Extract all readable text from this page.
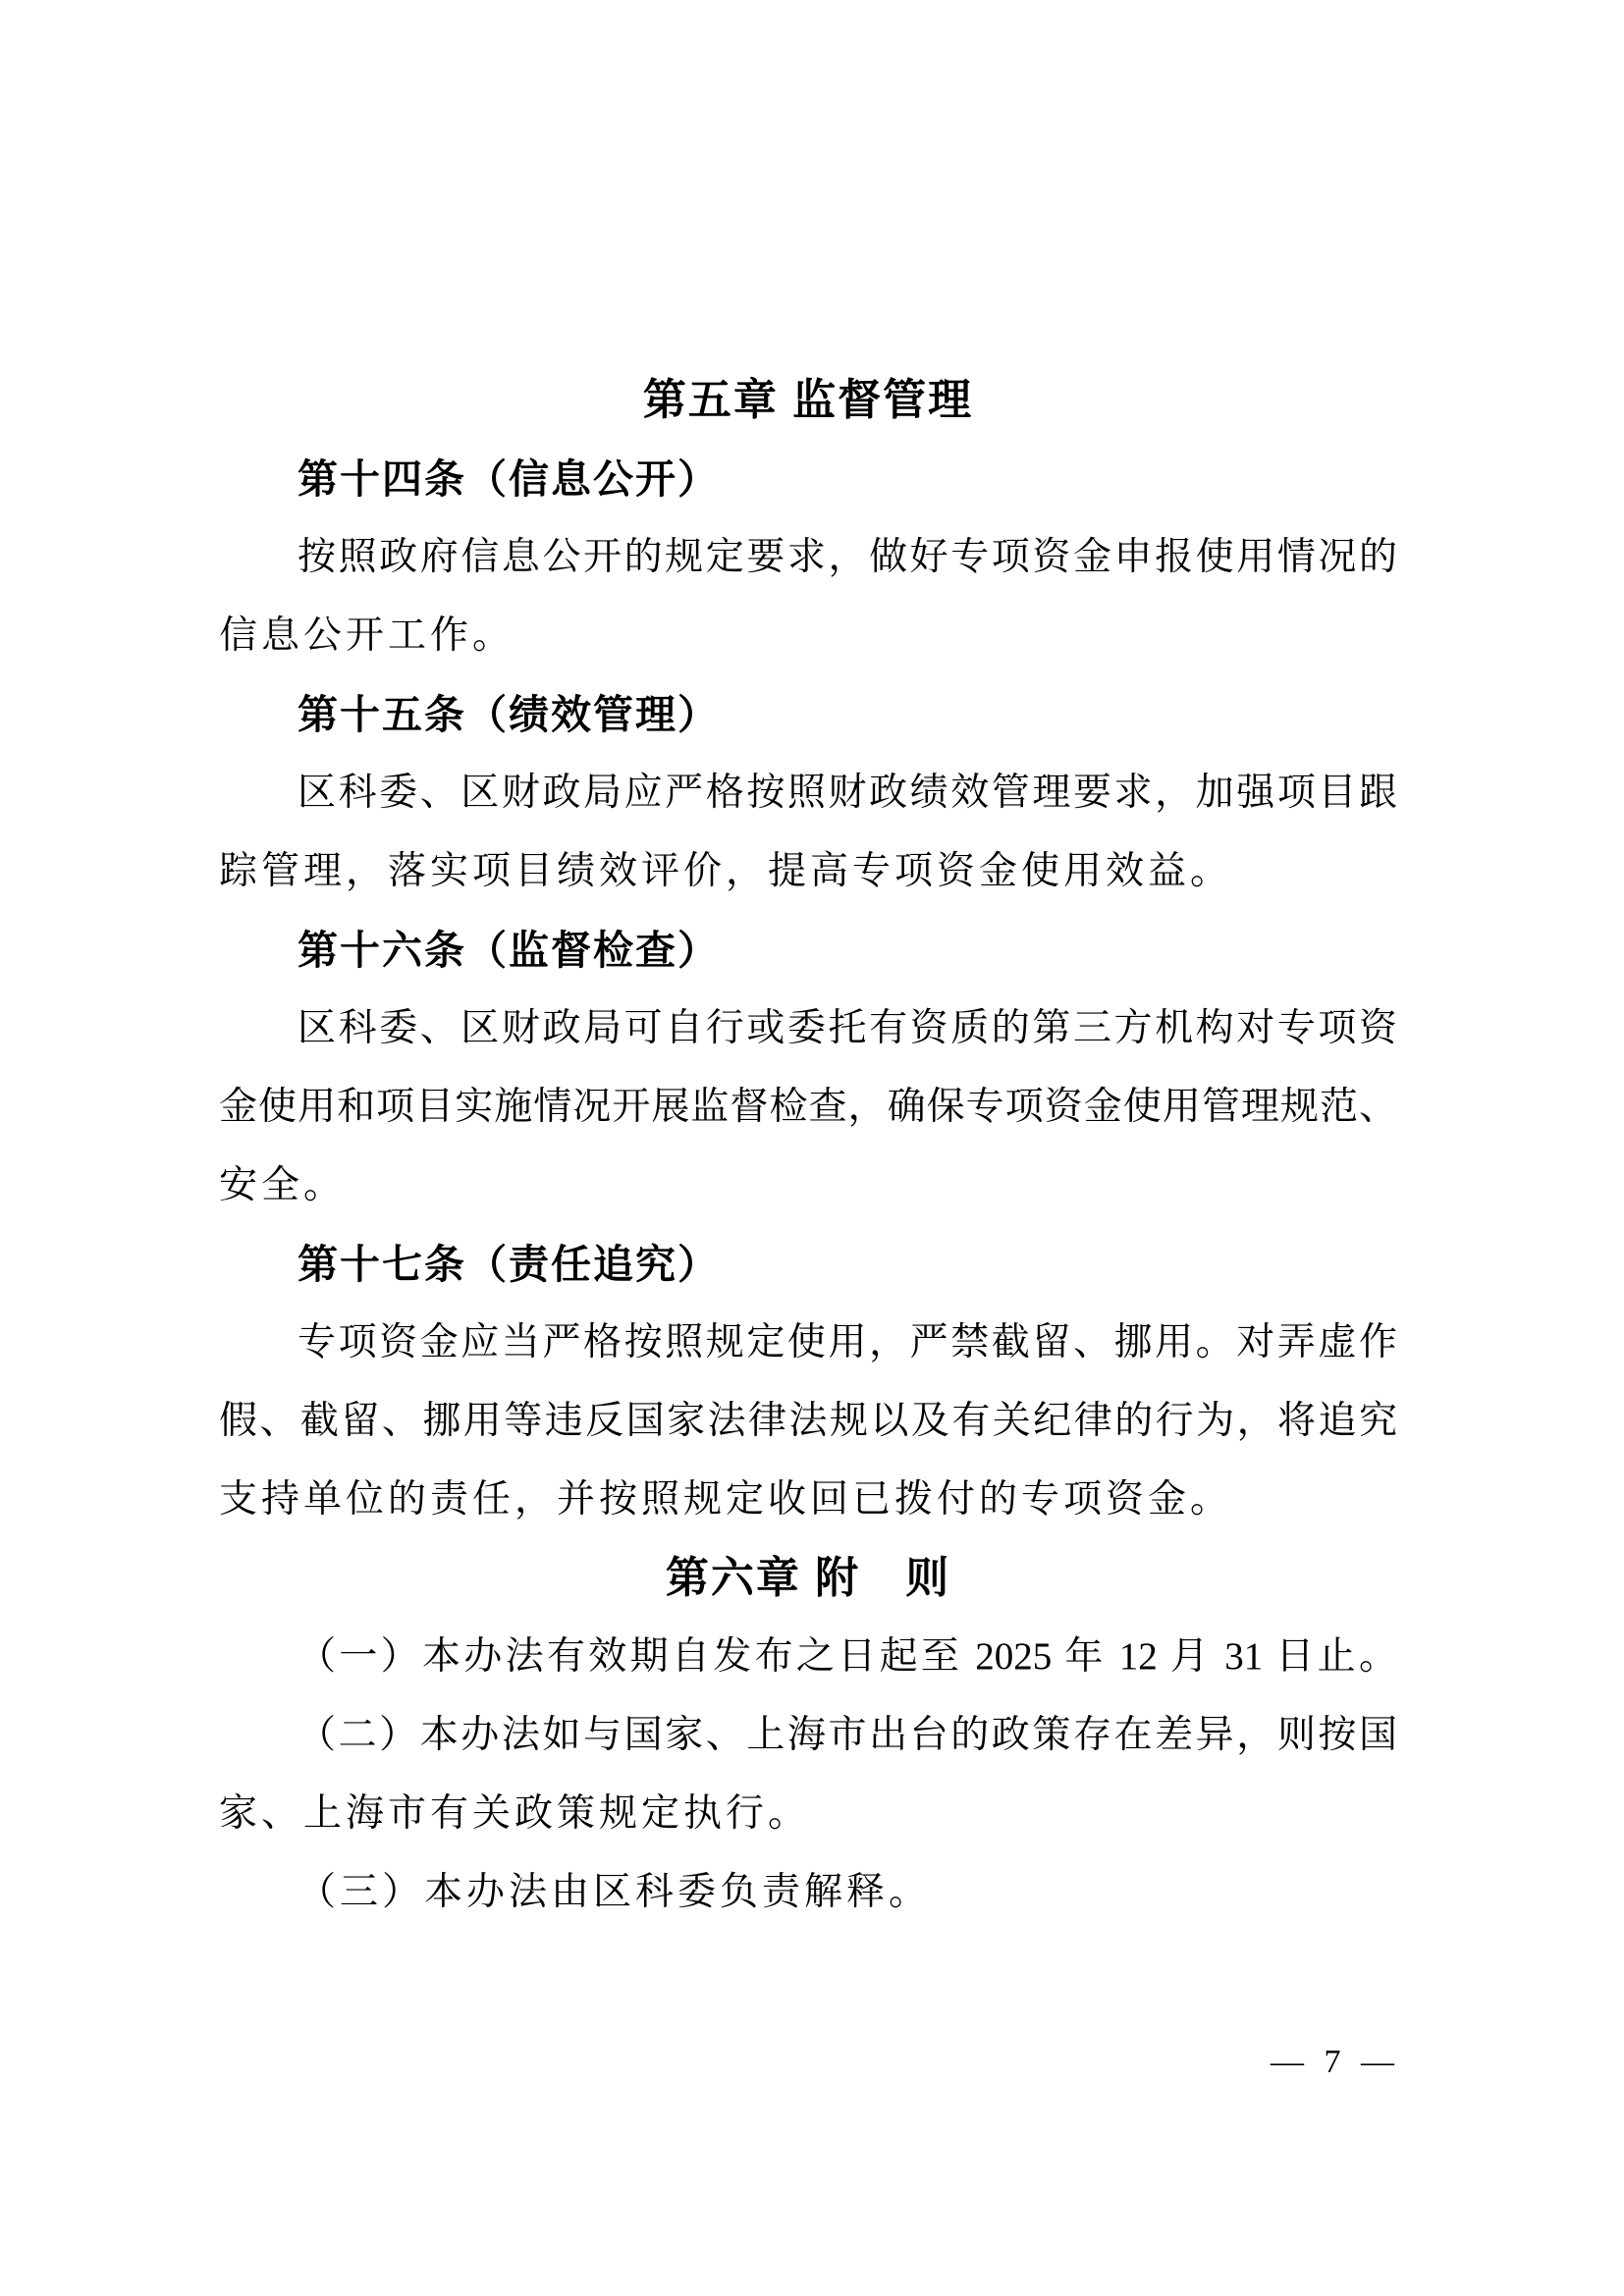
第五章 监督管理
第十四条（信息公开）
按照政府信息公开的规定要求，做好专项资金申报使用情况的
信息公开工作。
第十五条（绩效管理）
区科委、区财政局应严格按照财政绩效管理要求，加强项目跟
踪管理，落实项目绩效评价，提高专项资金使用效益。
第十六条（监督检查）
区科委、区财政局可自行或委托有资质的第三方机构对专项资
金使用和项目实施情况开展监督检查，确保专项资金使用管理规范、
安全。
第十七条（责任追究）
专项资金应当严格按照规定使用，严禁截留、挪用。对弄虚作
假、截留、挪用等违反国家法律法规以及有关纪律的行为，将追究
支持单位的责任，并按照规定收回已拨付的专项资金。
第六章 附　则
（一）本办法有效期自发布之日起至 2025 年 12 月 31 日止。
（二）本办法如与国家、上海市出台的政策存在差异，则按国
家、上海市有关政策规定执行。
（三）本办法由区科委负责解释。
— 7 —
